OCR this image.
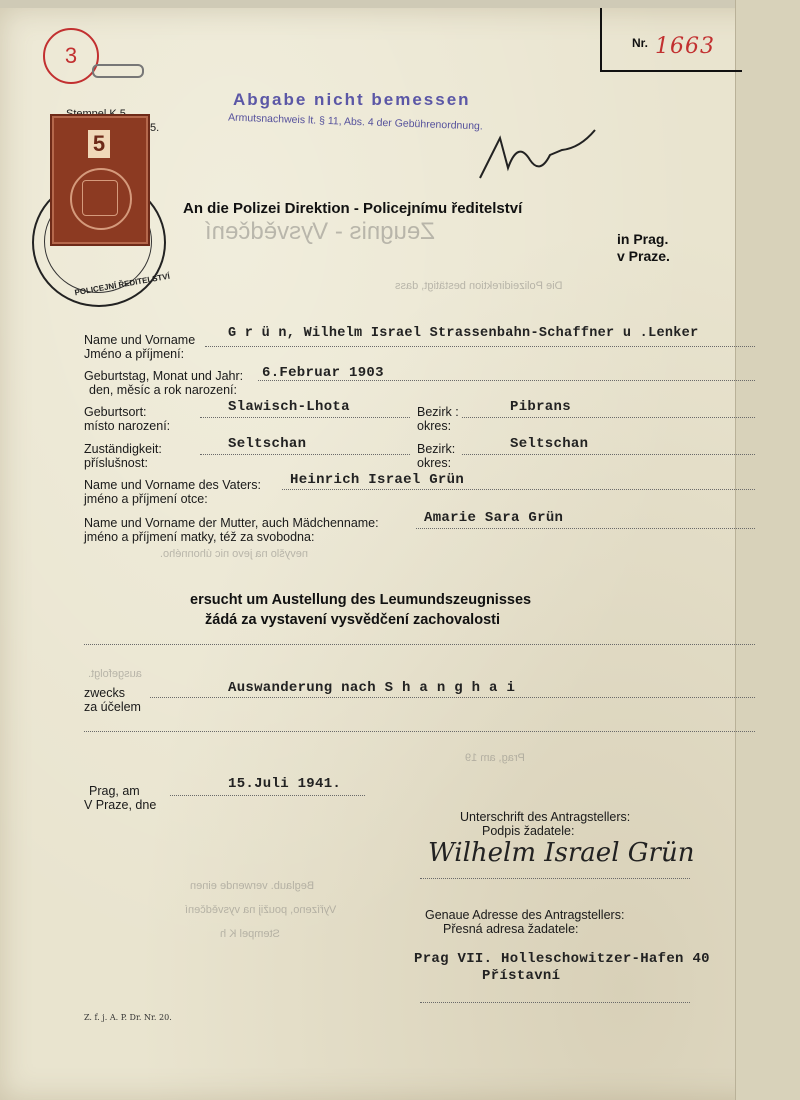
Nr. 1663
3
5.
POLICEJNÍ ŘEDITELSTVÍ
5
Abgabe nicht bemessen
Armutsnachweis lt. § 11, Abs. 4 der Gebührenordnung.
An die Polizei Direktion - Policejnímu ředitelství
in Prag.
v Praze.
Zeugnis - Vysvědčení
Die Polizeidirektion bestätigt, dass
Name und Vorname
Jméno a příjmení:
G r ü n, Wilhelm Israel Strassenbahn-Schaffner u .Lenker
Geburtstag, Monat und Jahr:
den, měsíc a rok narození:
6.Februar 1903
Geburtsort:
místo narození:
Slawisch-Lhota	Bezirk :
okres:
Pibrans
Zuständigkeit:
příslušnost:
Seltschan	Bezirk:
okres:
Seltschan
Name und Vorname des Vaters:
jméno a příjmení otce:
Heinrich Israel Grün
Name und Vorname der Mutter, auch Mädchenname:
jméno a příjmení matky, též za svobodna:
Amarie Sara Grün
nevyšlo na jevo nic úhonného.
ersucht um Austellung des Leumundszeugnisses
žádá za vystavení vysvědčení zachovalosti
ausgefolgt.
zwecks
za účelem
Auswanderung nach S h a n g h a i
Prag, am
V Praze, dne
15.Juli 1941.
Prag, am 19
Unterschrift des Antragstellers:
Podpis žadatele:
Wilhelm Israel Grün
Beglaub. verwende einen
Vyřízeno, použij na vysvědčení
Stempel K h
Genaue Adresse des Antragstellers:
Přesná adresa žadatele:
Prag VII. Holleschowitzer-Hafen 40
Přístavní
Z. f. j. A. P. Dr. Nr. 20.
